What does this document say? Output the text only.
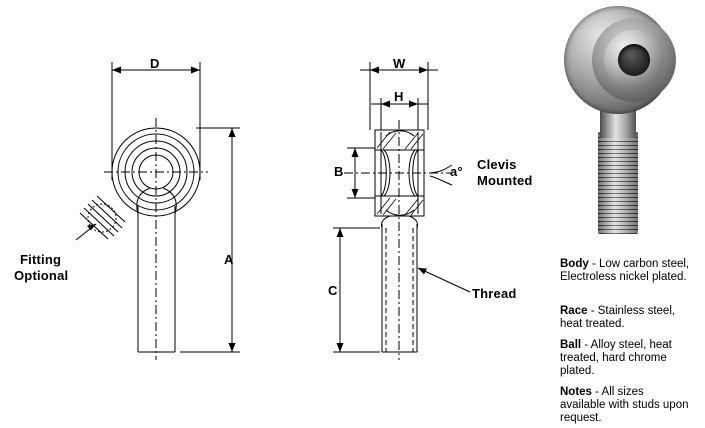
D
A
W
H
B
C
a°
Fitting
Optional
Clevis
Mounted
Thread
Body - Low carbon steel, Electroless nickel plated.
Race - Stainless steel, heat treated.
Ball - Alloy steel, heat treated, hard chrome plated.
Notes - All sizes available with studs upon request.
